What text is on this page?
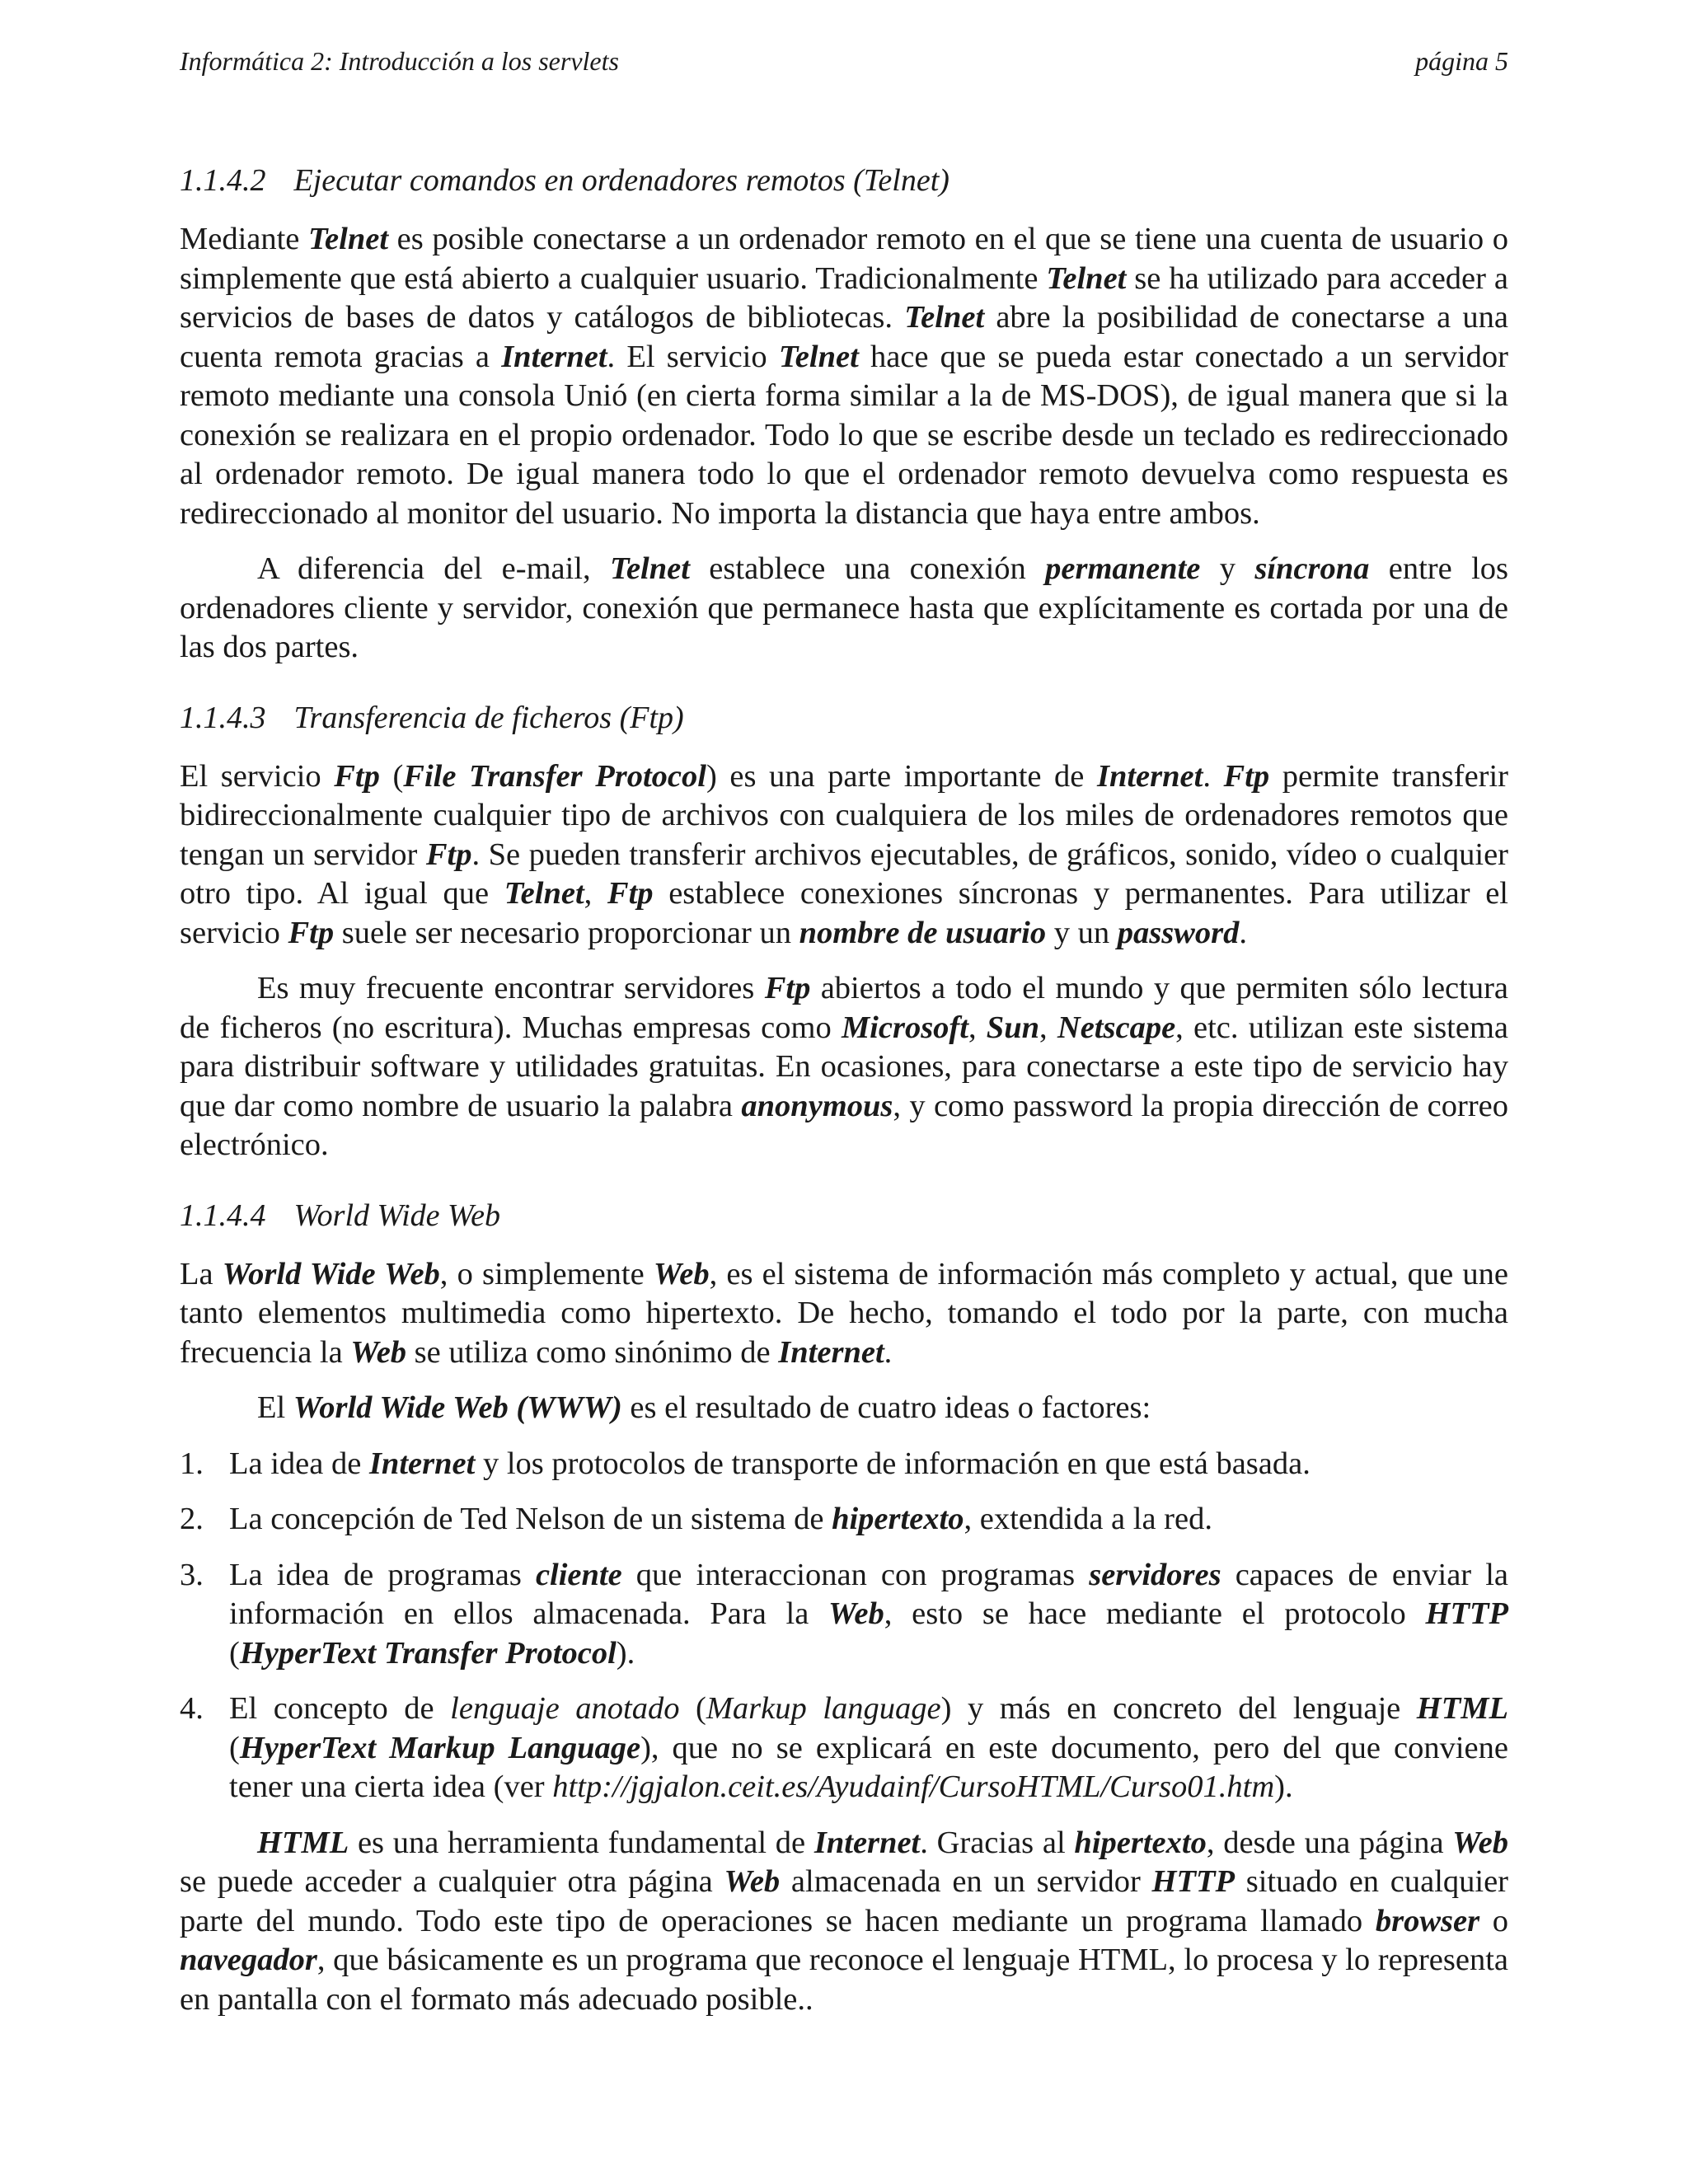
Informática 2: Introducción a los servlets	página 5
1.1.4.2 Ejecutar comandos en ordenadores remotos (Telnet)

Mediante Telnet es posible conectarse a un ordenador remoto en el que se tiene una cuenta de usuario o simplemente que está abierto a cualquier usuario. Tradicionalmente Telnet se ha utilizado para acceder a servicios de bases de datos y catálogos de bibliotecas. Telnet abre la posibilidad de conectarse a una cuenta remota gracias a Internet. El servicio Telnet hace que se pueda estar conectado a un servidor remoto mediante una consola Unió (en cierta forma similar a la de MS-DOS), de igual manera que si la conexión se realizara en el propio ordenador. Todo lo que se escribe desde un teclado es redireccionado al ordenador remoto. De igual manera todo lo que el ordenador remoto devuelva como respuesta es redireccionado al monitor del usuario. No importa la distancia que haya entre ambos.

A diferencia del e-mail, Telnet establece una conexión permanente y síncrona entre los ordenadores cliente y servidor, conexión que permanece hasta que explícitamente es cortada por una de las dos partes.

1.1.4.3 Transferencia de ficheros (Ftp)

El servicio Ftp (File Transfer Protocol) es una parte importante de Internet. Ftp permite transferir bidireccionalmente cualquier tipo de archivos con cualquiera de los miles de ordenadores remotos que tengan un servidor Ftp. Se pueden transferir archivos ejecutables, de gráficos, sonido, vídeo o cualquier otro tipo. Al igual que Telnet, Ftp establece conexiones síncronas y permanentes. Para utilizar el servicio Ftp suele ser necesario proporcionar un nombre de usuario y un password.

Es muy frecuente encontrar servidores Ftp abiertos a todo el mundo y que permiten sólo lectura de ficheros (no escritura). Muchas empresas como Microsoft, Sun, Netscape, etc. utilizan este sistema para distribuir software y utilidades gratuitas. En ocasiones, para conectarse a este tipo de servicio hay que dar como nombre de usuario la palabra anonymous, y como password la propia dirección de correo electrónico.

1.1.4.4 World Wide Web

La World Wide Web, o simplemente Web, es el sistema de información más completo y actual, que une tanto elementos multimedia como hipertexto. De hecho, tomando el todo por la parte, con mucha frecuencia la Web se utiliza como sinónimo de Internet.

El World Wide Web (WWW) es el resultado de cuatro ideas o factores:

1. La idea de Internet y los protocolos de transporte de información en que está basada.
2. La concepción de Ted Nelson de un sistema de hipertexto, extendida a la red.
3. La idea de programas cliente que interaccionan con programas servidores capaces de enviar la información en ellos almacenada. Para la Web, esto se hace mediante el protocolo HTTP (HyperText Transfer Protocol).
4. El concepto de lenguaje anotado (Markup language) y más en concreto del lenguaje HTML (HyperText Markup Language), que no se explicará en este documento, pero del que conviene tener una cierta idea (ver http://jgjalon.ceit.es/Ayudainf/CursoHTML/Curso01.htm).

HTML es una herramienta fundamental de Internet. Gracias al hipertexto, desde una página Web se puede acceder a cualquier otra página Web almacenada en un servidor HTTP situado en cualquier parte del mundo. Todo este tipo de operaciones se hacen mediante un programa llamado browser o navegador, que básicamente es un programa que reconoce el lenguaje HTML, lo procesa y lo representa en pantalla con el formato más adecuado posible..
